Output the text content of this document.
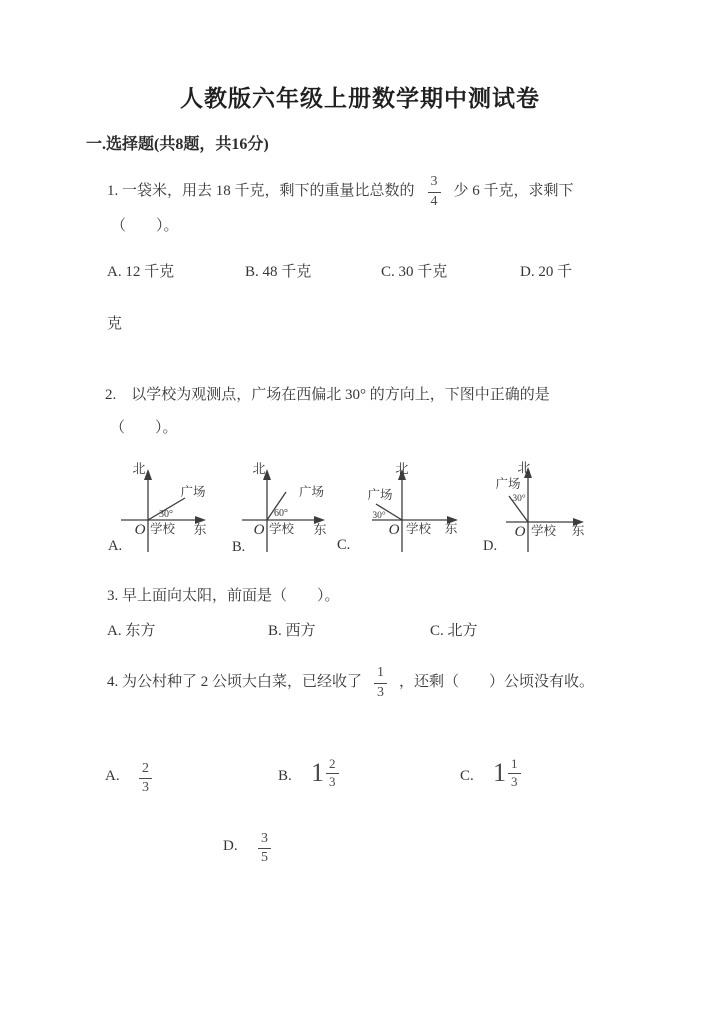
人教版六年级上册数学期中测试卷
一.选择题(共8题，共16分)
1. 一袋米，用去 18 千克，剩下的重量比总数的 $\frac{3}{4}$ 少 6 千克，求剩下
（　　）。
A. 12 千克	B. 48 千克	C. 30 千克	D. 20 千
克
2.　以学校为观测点，广场在西偏北 30° 的方向上，下图中正确的是
（　　）。
北
东
O 学校
广场
30°
北
东
O 学校
广场
60°
北
东
O 学校
广场
30°
北
东
O 学校
广场
30°
A.	B.	C.	D.
3. 早上面向太阳，前面是（　　）。
A. 东方	B. 西方	C. 北方
4. 为公村种了 2 公顷大白菜，已经收了 $\frac{1}{3}$ ，还剩（　　）公顷没有收。
A. $\frac{2}{3}$	B. $1 \frac{2}{3}$	C. $1 \frac{1}{3}$
D. $\frac{3}{5}$
